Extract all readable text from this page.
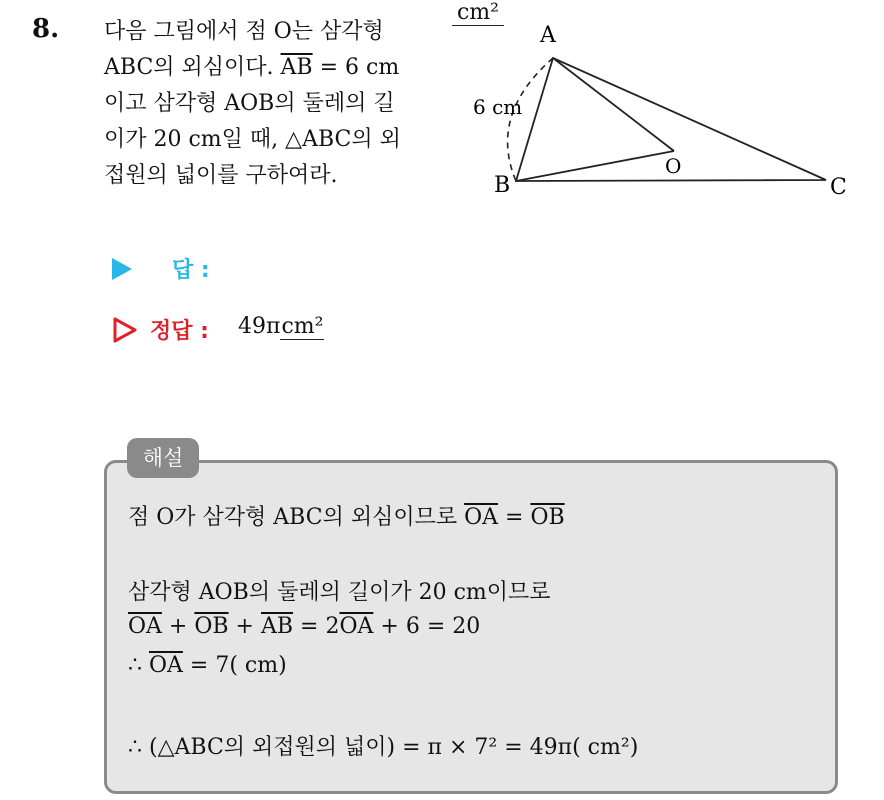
8. 다음 그림에서 점 O는 삼각형
ABC의 외심이다. $\overline{AB} = 6$ cm
이고 삼각형 AOB의 둘레의 길
이가 20 cm일 때, △ABC의 외
접원의 넓이를 구하여라.
A
B	C
O
6 cm
답 :
cm²
정답 : 49πcm²
해설
점 O가 삼각형 ABC의 외심이므로 $\overline{OA} = \overline{OB}$
삼각형 AOB의 둘레의 길이가 20 cm이므로
$\overline{OA} + \overline{OB} + \overline{AB} = 2\overline{OA} + 6 = 20$
∴ $\overline{OA} = 7$( cm)
∴ (△ABC의 외접원의 넓이) = π × 7² = 49π( cm²)
